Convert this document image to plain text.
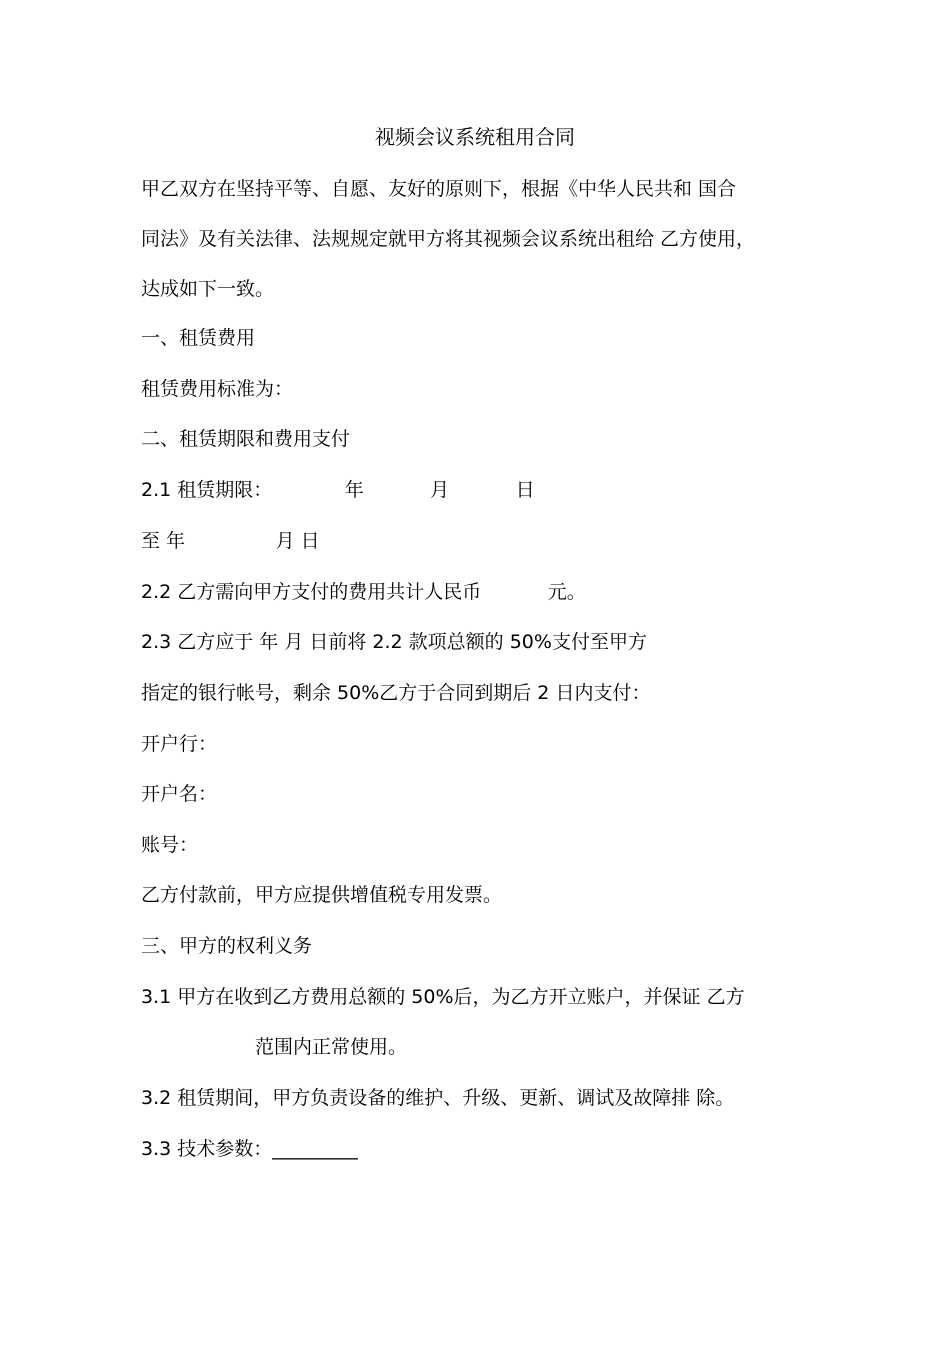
视频会议系统租用合同
甲乙双方在坚持平等、自愿、友好的原则下，根据《中华人民共和 国合
同法》及有关法律、法规规定就甲方将其视频会议系统出租给 乙方使用，
达成如下一致。
一、租赁费用
租赁费用标准为：
二、租赁期限和费用支付
2.1 租赁期限：            年           月           日
至 年               月 日
2.2 乙方需向甲方支付的费用共计人民币           元。
2.3 乙方应于 年 月 日前将 2.2 款项总额的 50%支付至甲方
指定的银行帐号，剩余 50%乙方于合同到期后 2 日内支付：
开户行：
开户名：
账号：
乙方付款前，甲方应提供增值税专用发票。
三、甲方的权利义务
3.1 甲方在收到乙方费用总额的 50%后，为乙方开立账户，并保证 乙方
范围内正常使用。
3.2 租赁期间，甲方负责设备的维护、升级、更新、调试及故障排 除。
3.3 技术参数：_________
